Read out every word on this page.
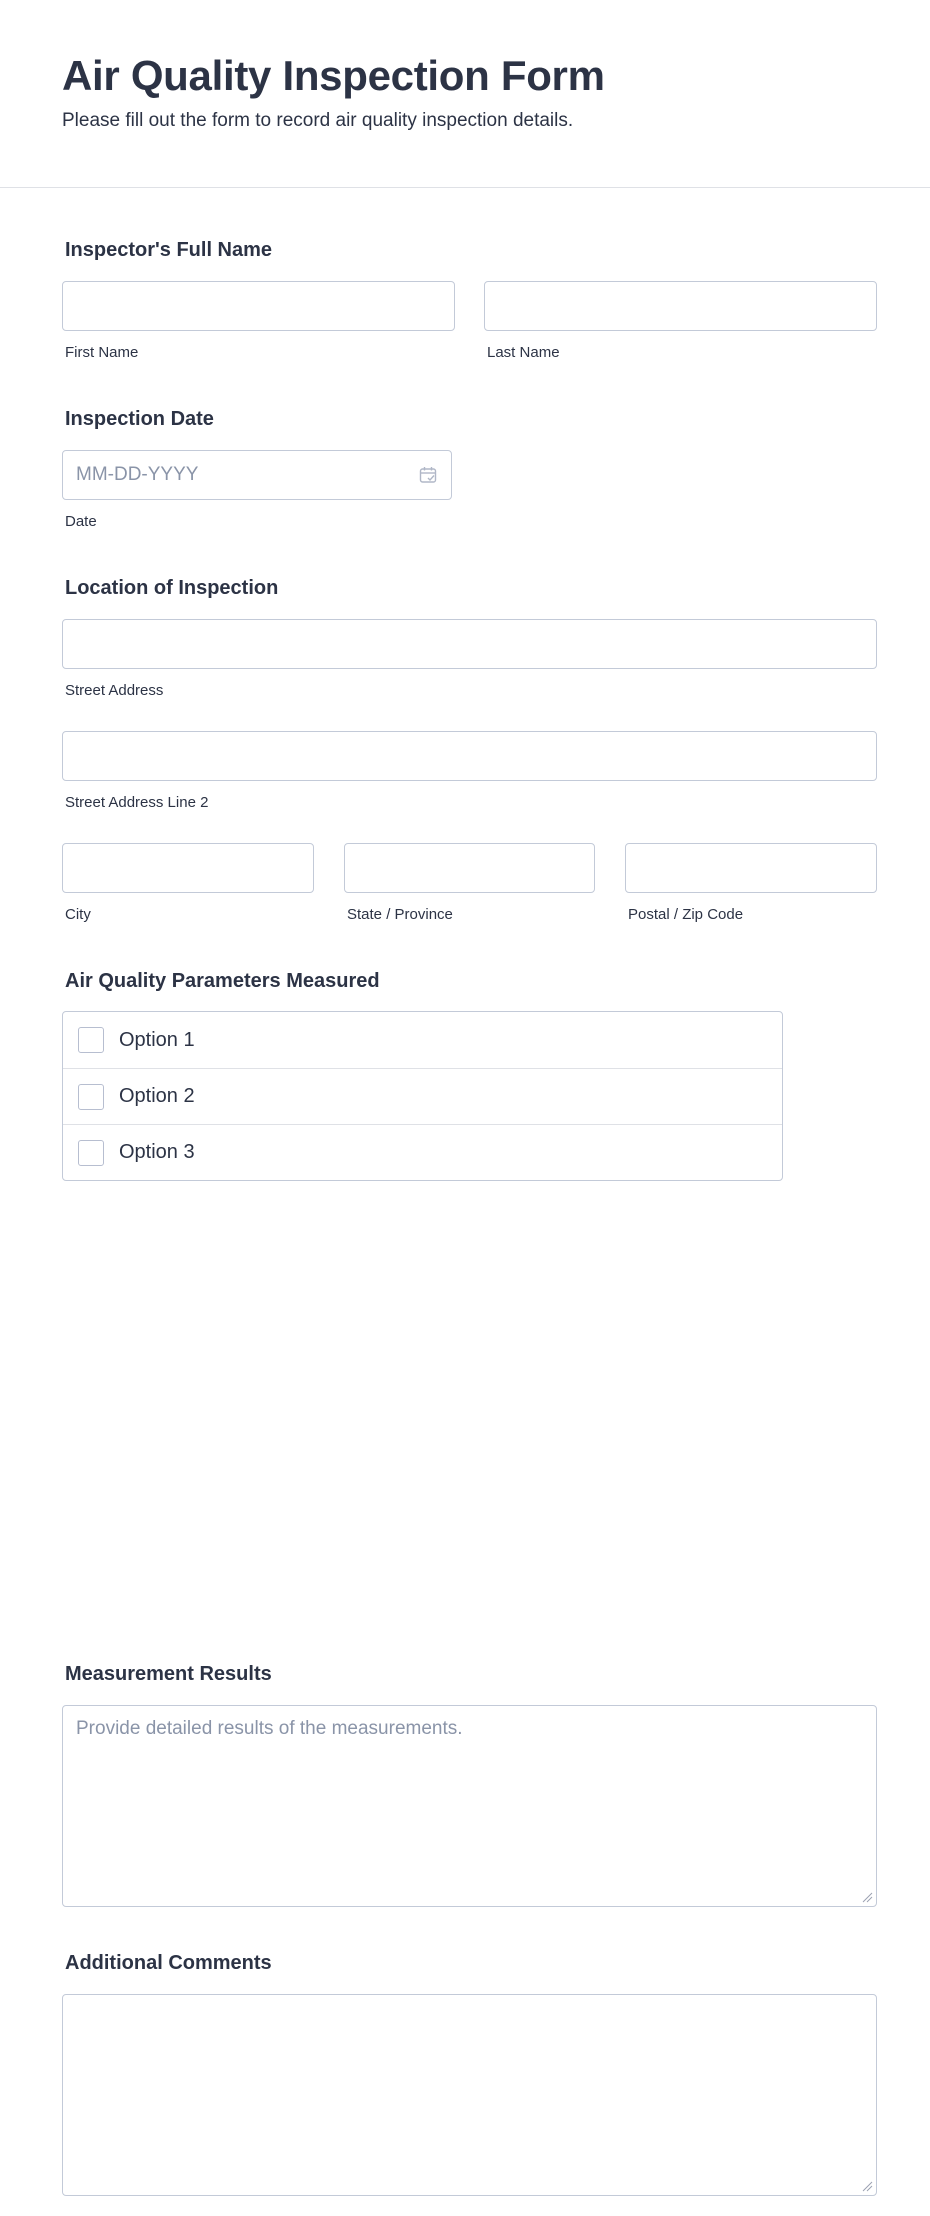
Air Quality Inspection Form

Please fill out the form to record air quality inspection details.

Inspector's Full Name
First Name	Last Name
Inspection Date
MM-DD-YYYY
Date
Location of Inspection
Street Address
Street Address Line 2
City	State / Province	Postal / Zip Code
Air Quality Parameters Measured
Option 1
Option 2
Option 3
Measurement Results
Provide detailed results of the measurements.
Additional Comments
